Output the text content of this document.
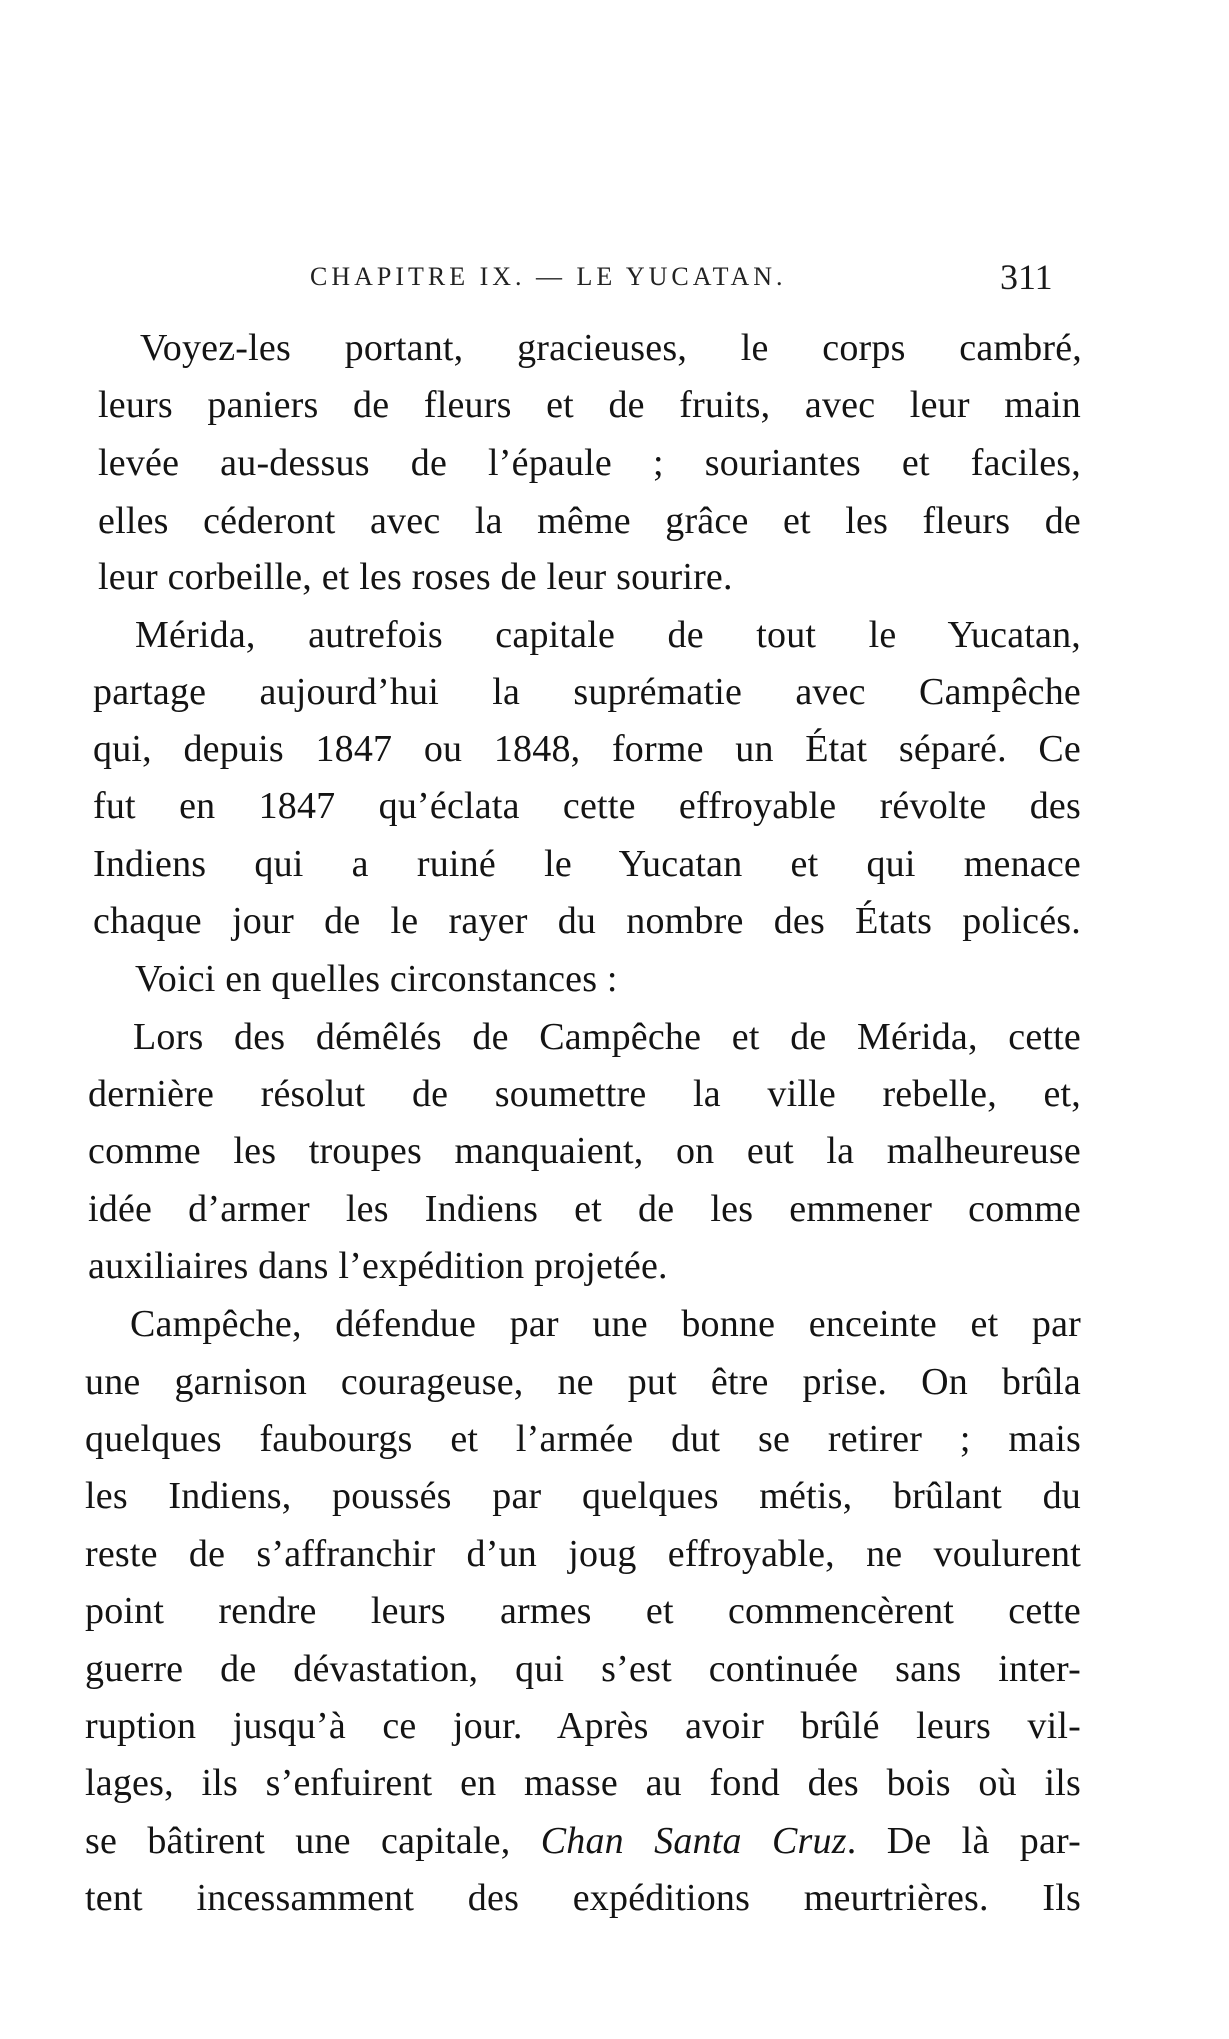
CHAPITRE IX. — LE YUCATAN.	311
Voyez-les portant, gracieuses, le corps cambré,
leurs paniers de fleurs et de fruits, avec leur main
levée au-dessus de l’épaule ; souriantes et faciles,
elles céderont avec la même grâce et les fleurs de
leur corbeille, et les roses de leur sourire.
Mérida, autrefois capitale de tout le Yucatan,
partage aujourd’hui la suprématie avec Campêche
qui, depuis 1847 ou 1848, forme un État séparé. Ce
fut en 1847 qu’éclata cette effroyable révolte des
Indiens qui a ruiné le Yucatan et qui menace
chaque jour de le rayer du nombre des États policés.
Voici en quelles circonstances :
Lors des démêlés de Campêche et de Mérida, cette
dernière résolut de soumettre la ville rebelle, et,
comme les troupes manquaient, on eut la malheureuse
idée d’armer les Indiens et de les emmener comme
auxiliaires dans l’expédition projetée.
Campêche, défendue par une bonne enceinte et par
une garnison courageuse, ne put être prise. On brûla
quelques faubourgs et l’armée dut se retirer ; mais
les Indiens, poussés par quelques métis, brûlant du
reste de s’affranchir d’un joug effroyable, ne voulurent
point rendre leurs armes et commencèrent cette
guerre de dévastation, qui s’est continuée sans inter-
ruption jusqu’à ce jour. Après avoir brûlé leurs vil-
lages, ils s’enfuirent en masse au fond des bois où ils
se bâtirent une capitale, Chan Santa Cruz. De là par-
tent incessamment des expéditions meurtrières. Ils
